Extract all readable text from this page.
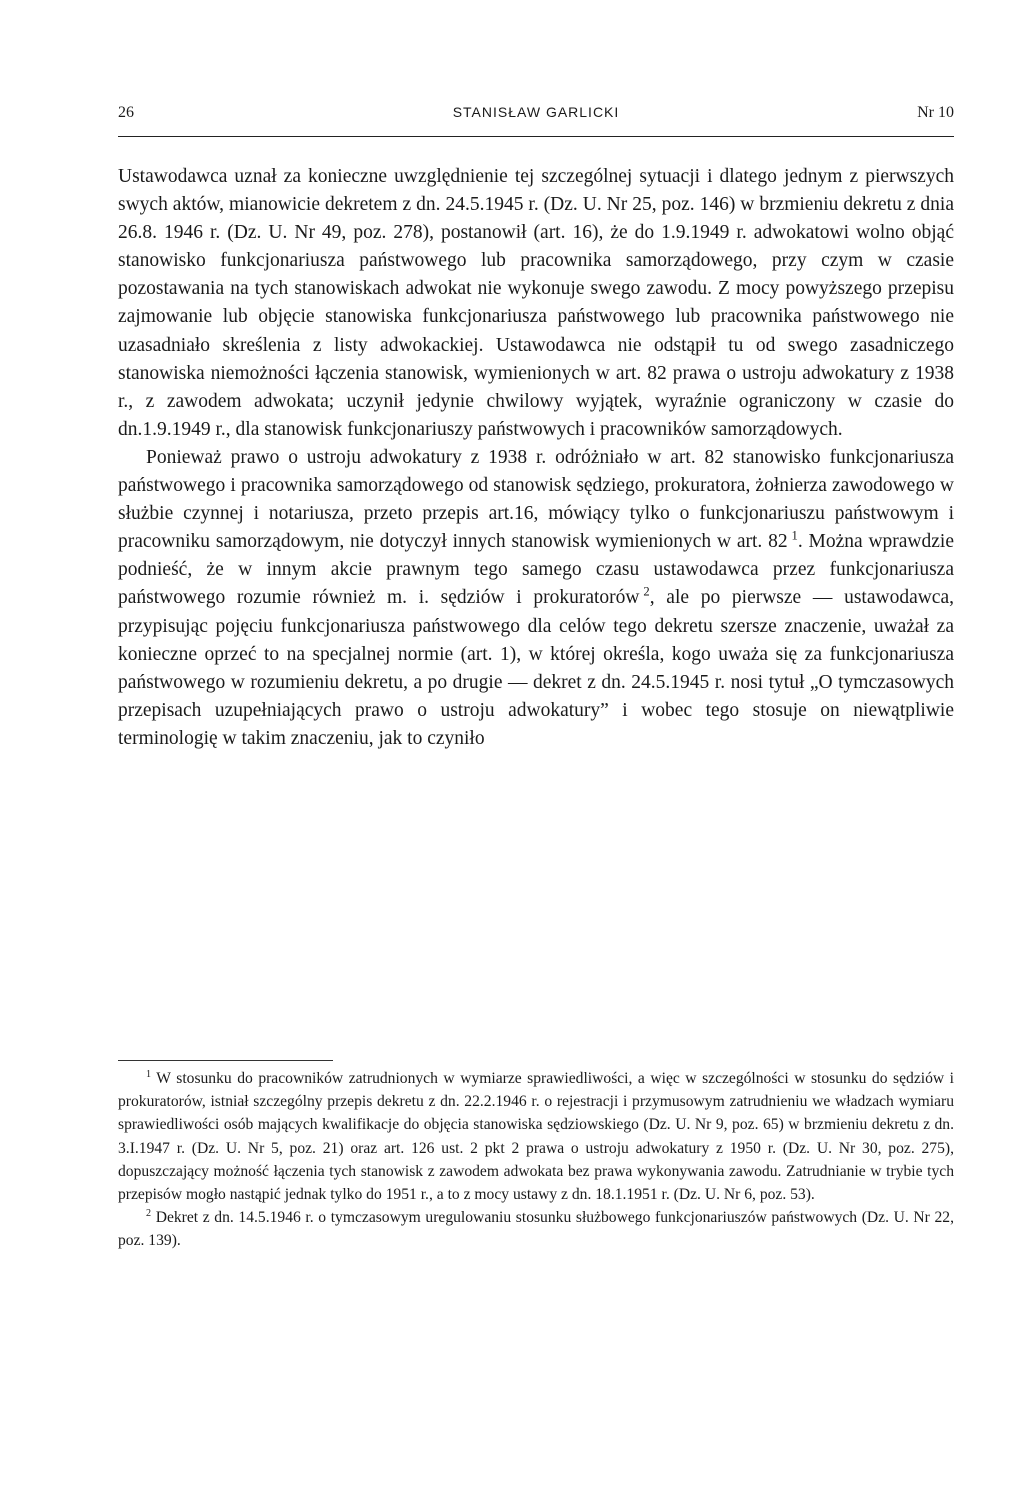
26	STANISŁAW GARLICKI	Nr 10

Ustawodawca uznał za konieczne uwzględnienie tej szczególnej sytuacji i dlatego jednym z pierwszych swych aktów, mianowicie dekretem z dn. 24.5.1945 r. (Dz. U. Nr 25, poz. 146) w brzmieniu dekretu z dnia 26.8. 1946 r. (Dz. U. Nr 49, poz. 278), postanowił (art. 16), że do 1.9.1949 r. adwokatowi wolno objąć stanowisko funkcjonariusza państwowego lub pracownika samorządowego, przy czym w czasie pozostawania na tych stanowiskach adwokat nie wykonuje swego zawodu. Z mocy powyższego przepisu zajmowanie lub objęcie stanowiska funkcjonariusza państwowego lub pracownika państwowego nie uzasadniało skreślenia z listy adwokackiej. Ustawodawca nie odstąpił tu od swego zasadniczego stanowiska niemożności łączenia stanowisk, wymienionych w art. 82 prawa o ustroju adwokatury z 1938 r., z zawodem adwokata; uczynił jedynie chwilowy wyjątek, wyraźnie ograniczony w czasie do dn.1.9.1949 r., dla stanowisk funkcjonariuszy państwowych i pracowników samorządowych.

Ponieważ prawo o ustroju adwokatury z 1938 r. odróżniało w art. 82 stanowisko funkcjonariusza państwowego i pracownika samorządowego od stanowisk sędziego, prokuratora, żołnierza zawodowego w służbie czynnej i notariusza, przeto przepis art.16, mówiący tylko o funkcjonariuszu państwowym i pracowniku samorządowym, nie dotyczył innych stanowisk wymienionych w art. 82  $^1$. Można wprawdzie podnieść, że w innym akcie prawnym tego samego czasu ustawodawca przez funkcjonariusza państwowego rozumie również m. i. sędziów i prokuratorów  $^2$, ale po pierwsze — ustawodawca, przypisując pojęciu funkcjonariusza państwowego dla celów tego dekretu szersze znaczenie, uważał za konieczne oprzeć to na specjalnej normie (art. 1), w której określa, kogo uważa się za funkcjonariusza państwowego w rozumieniu dekretu, a po drugie — dekret z dn. 24.5.1945 r. nosi tytuł „O tymczasowych przepisach uzupełniających prawo o ustroju adwokatury” i wobec tego stosuje on niewątpliwie terminologię w takim znaczeniu, jak to czyniło

$^1$ W stosunku do pracowników zatrudnionych w wymiarze sprawiedliwości, a więc w szczególności w stosunku do sędziów i prokuratorów, istniał szczególny przepis dekretu z dn. 22.2.1946 r. o rejestracji i przymusowym zatrudnieniu we władzach wymiaru sprawiedliwości osób mających kwalifikacje do objęcia stanowiska sędziowskiego (Dz. U. Nr 9, poz. 65) w brzmieniu dekretu z dn. 3.I.1947 r. (Dz. U. Nr 5, poz. 21) oraz art. 126 ust. 2 pkt 2 prawa o ustroju adwokatury z 1950 r. (Dz. U. Nr 30, poz. 275), dopuszczający możność łączenia tych stanowisk z zawodem adwokata bez prawa wykonywania zawodu. Zatrudnianie w trybie tych przepisów mogło nastąpić jednak tylko do 1951 r., a to z mocy ustawy z dn. 18.1.1951 r. (Dz. U. Nr 6, poz. 53).

$^2$ Dekret z dn. 14.5.1946 r. o tymczasowym uregulowaniu stosunku służbowego funkcjonariuszów państwowych (Dz. U. Nr 22, poz. 139).
